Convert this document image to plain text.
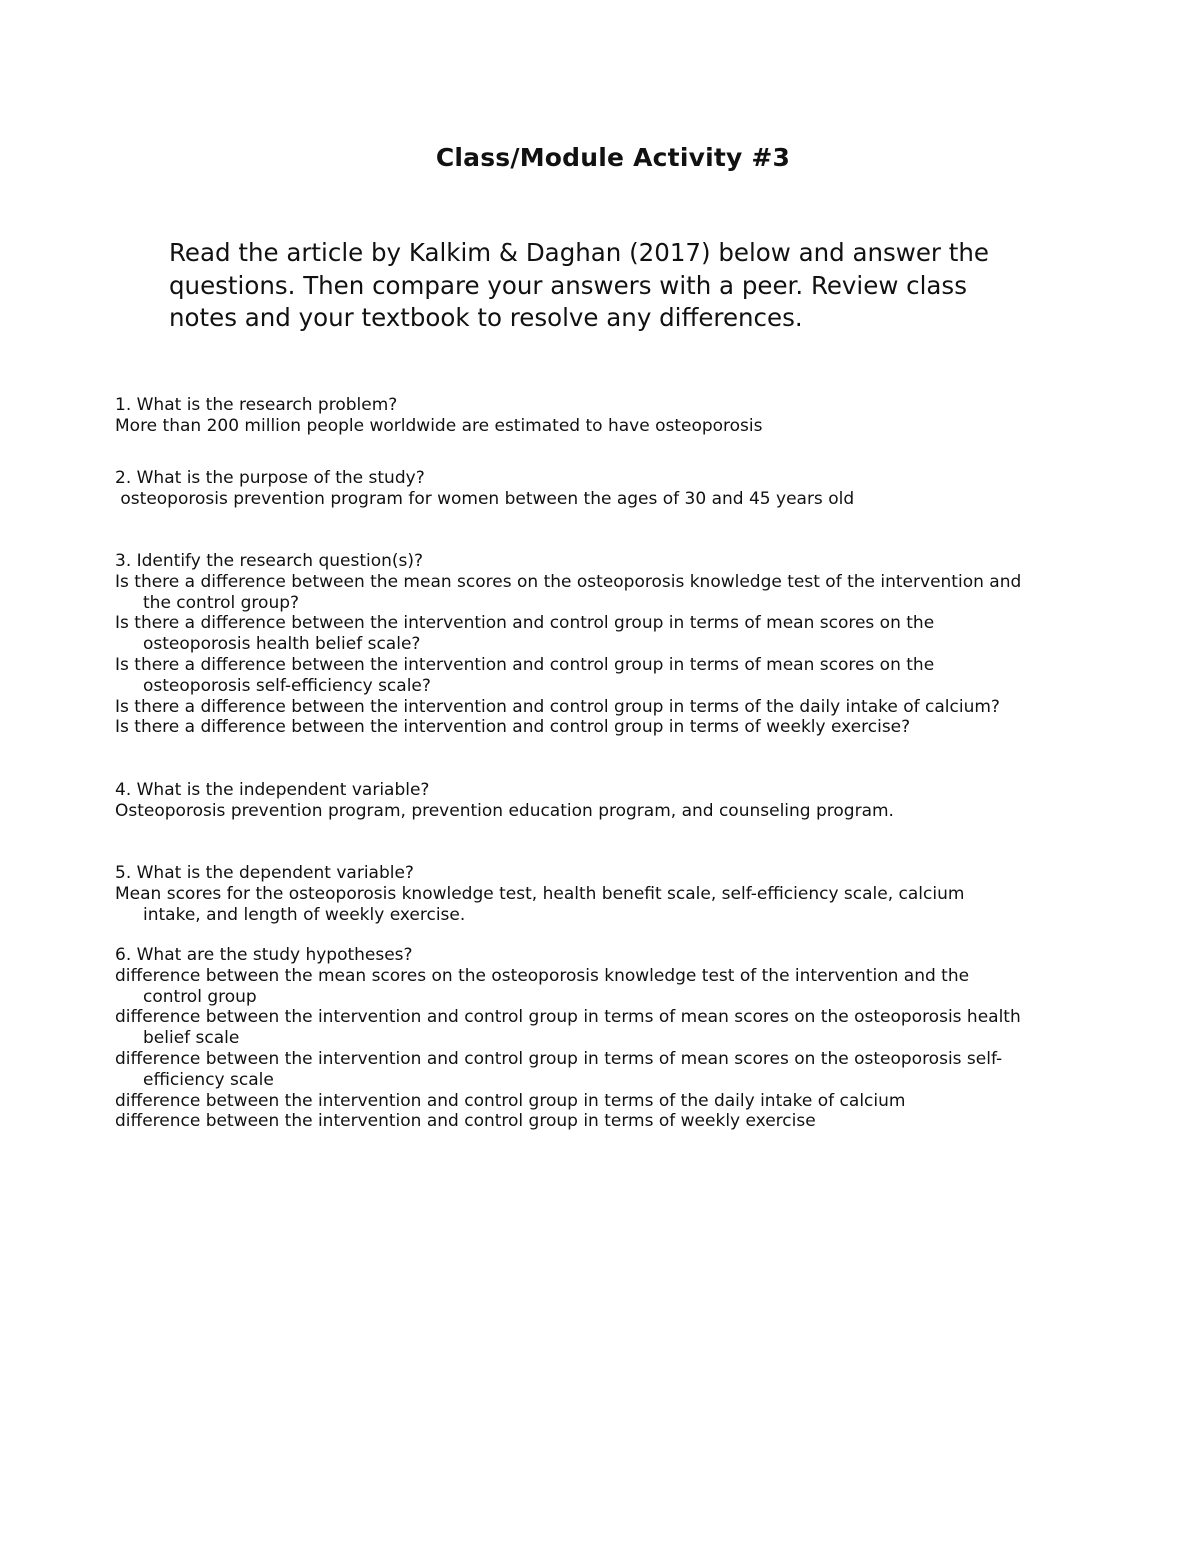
Class/Module Activity #3
Read the article by Kalkim & Daghan (2017) below and answer the
questions. Then compare your answers with a peer. Review class
notes and your textbook to resolve any differences.
1. What is the research problem?
More than 200 million people worldwide are estimated to have osteoporosis
2. What is the purpose of the study?
osteoporosis prevention program for women between the ages of 30 and 45 years old
3. Identify the research question(s)?
Is there a difference between the mean scores on the osteoporosis knowledge test of the intervention and
the control group?
Is there a difference between the intervention and control group in terms of mean scores on the
osteoporosis health belief scale?
Is there a difference between the intervention and control group in terms of mean scores on the
osteoporosis self-efficiency scale?
Is there a difference between the intervention and control group in terms of the daily intake of calcium?
Is there a difference between the intervention and control group in terms of weekly exercise?
4. What is the independent variable?
Osteoporosis prevention program, prevention education program, and counseling program.
5. What is the dependent variable?
Mean scores for the osteoporosis knowledge test, health benefit scale, self-efficiency scale, calcium
intake, and length of weekly exercise.
6. What are the study hypotheses?
difference between the mean scores on the osteoporosis knowledge test of the intervention and the
control group
difference between the intervention and control group in terms of mean scores on the osteoporosis health
belief scale
difference between the intervention and control group in terms of mean scores on the osteoporosis self-
efficiency scale
difference between the intervention and control group in terms of the daily intake of calcium
difference between the intervention and control group in terms of weekly exercise
